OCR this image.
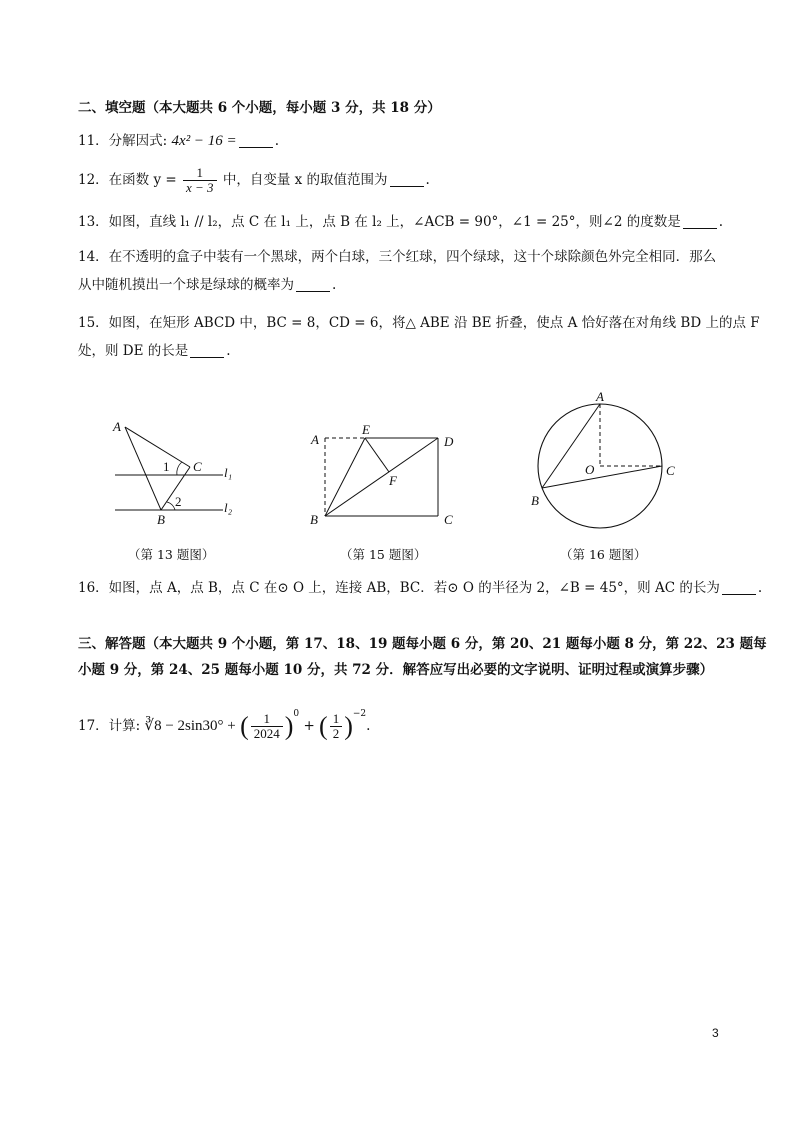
二、填空题（本大题共 6 个小题，每小题 3 分，共 18 分）
11．分解因式: 4x² − 16 =	.
12．在函数 $y = \frac{1}{x - 3}$ 中，自变量 x 的取值范围为	.
13．如图，直线 l₁ // l₂，点 C 在 l₁ 上，点 B 在 l₂ 上，∠ACB = 90°，∠1 = 25°，则∠2 的度数是	.
14．在不透明的盒子中装有一个黑球，两个白球，三个红球，四个绿球，这十个球除颜色外完全相同．那么
从中随机摸出一个球是绿球的概率为	.
15．如图，在矩形 ABCD 中，BC = 8，CD = 6，将△ ABE 沿 BE 折叠，使点 A 恰好落在对角线 BD 上的点 F
处，则 DE 的长是	.
A
C
B
l₁
l₂
1
2
（第 13 题图）
A
E
D
F
B	C
（第 15 题图）
A
O	C
B
（第 16 题图）
16．如图，点 A，点 B，点 C 在⊙ O 上，连接 AB，BC．若⊙ O 的半径为 2，∠B = 45°，则 AC 的长为	.
三、解答题（本大题共 9 个小题，第 17、18、19 题每小题 6 分，第 20、21 题每小题 8 分，第 22、23 题每
小题 9 分，第 24、25 题每小题 10 分，共 72 分．解答应写出必要的文字说明、证明过程或演算步骤）
17．计算: ∛8 − 2sin30° + ( $\frac{1}{2024} )^0$ + ( $\frac{1}{2} )^{-2}$.
3
